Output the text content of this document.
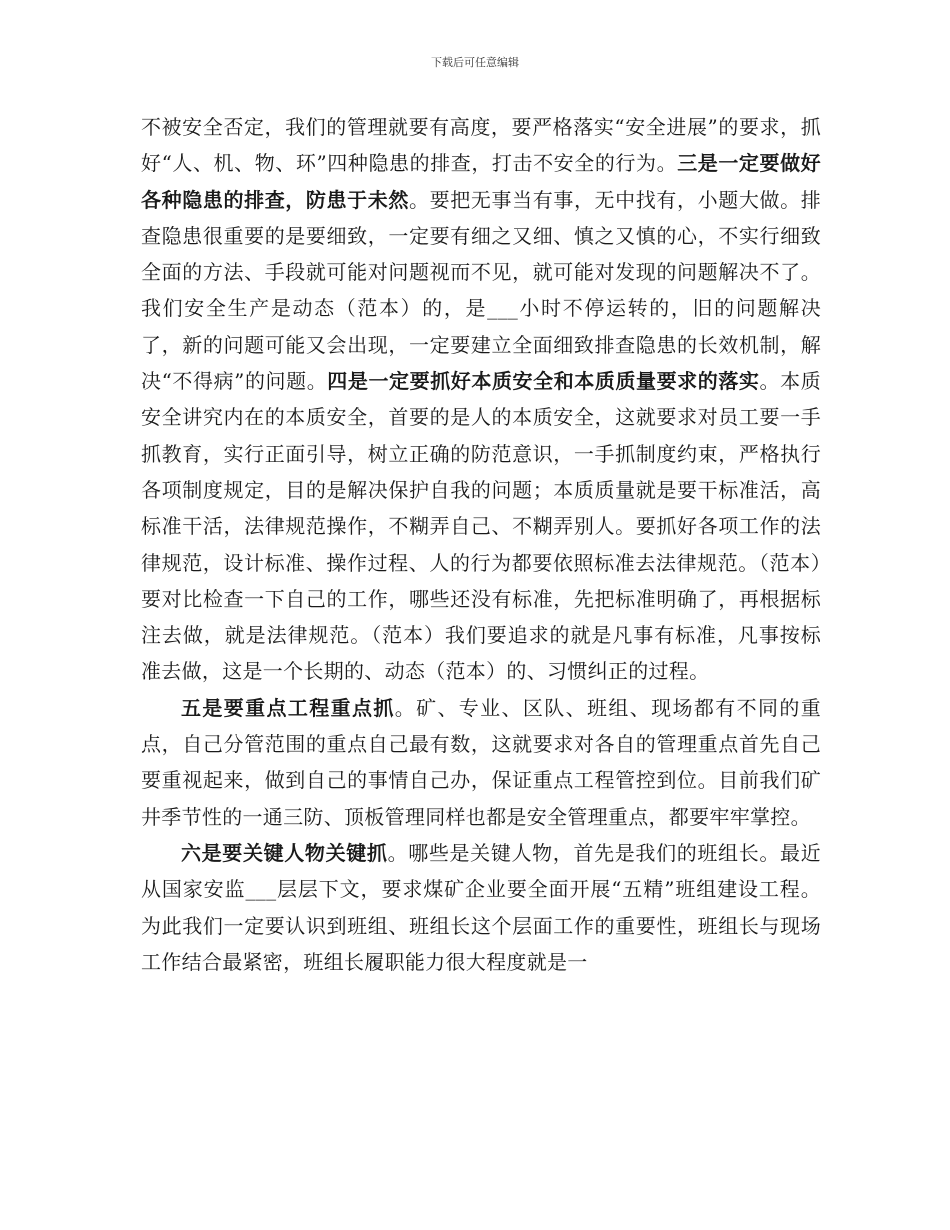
下载后可任意编辑

不被安全否定，我们的管理就要有高度，要严格落实“安全进展”的要求，抓好“人、机、物、环”四种隐患的排查，打击不安全的行为。三是一定要做好各种隐患的排查，防患于未然。要把无事当有事，无中找有，小题大做。排查隐患很重要的是要细致，一定要有细之又细、慎之又慎的心，不实行细致全面的方法、手段就可能对问题视而不见，就可能对发现的问题解决不了。我们安全生产是动态（范本）的，是___小时不停运转的，旧的问题解决了，新的问题可能又会出现，一定要建立全面细致排查隐患的长效机制，解决“不得病”的问题。四是一定要抓好本质安全和本质质量要求的落实。本质安全讲究内在的本质安全，首要的是人的本质安全，这就要求对员工要一手抓教育，实行正面引导，树立正确的防范意识，一手抓制度约束，严格执行各项制度规定，目的是解决保护自我的问题；本质质量就是要干标准活，高标准干活，法律规范操作，不糊弄自己、不糊弄别人。要抓好各项工作的法律规范，设计标准、操作过程、人的行为都要依照标准去法律规范。（范本）要对比检查一下自己的工作，哪些还没有标准，先把标准明确了，再根据标注去做，就是法律规范。（范本）我们要追求的就是凡事有标准，凡事按标准去做，这是一个长期的、动态（范本）的、习惯纠正的过程。

五是要重点工程重点抓。矿、专业、区队、班组、现场都有不同的重点，自己分管范围的重点自己最有数，这就要求对各自的管理重点首先自己要重视起来，做到自己的事情自己办，保证重点工程管控到位。目前我们矿井季节性的一通三防、顶板管理同样也都是安全管理重点，都要牢牢掌控。

六是要关键人物关键抓。哪些是关键人物，首先是我们的班组长。最近从国家安监___层层下文，要求煤矿企业要全面开展“五精”班组建设工程。为此我们一定要认识到班组、班组长这个层面工作的重要性，班组长与现场工作结合最紧密，班组长履职能力很大程度就是一
